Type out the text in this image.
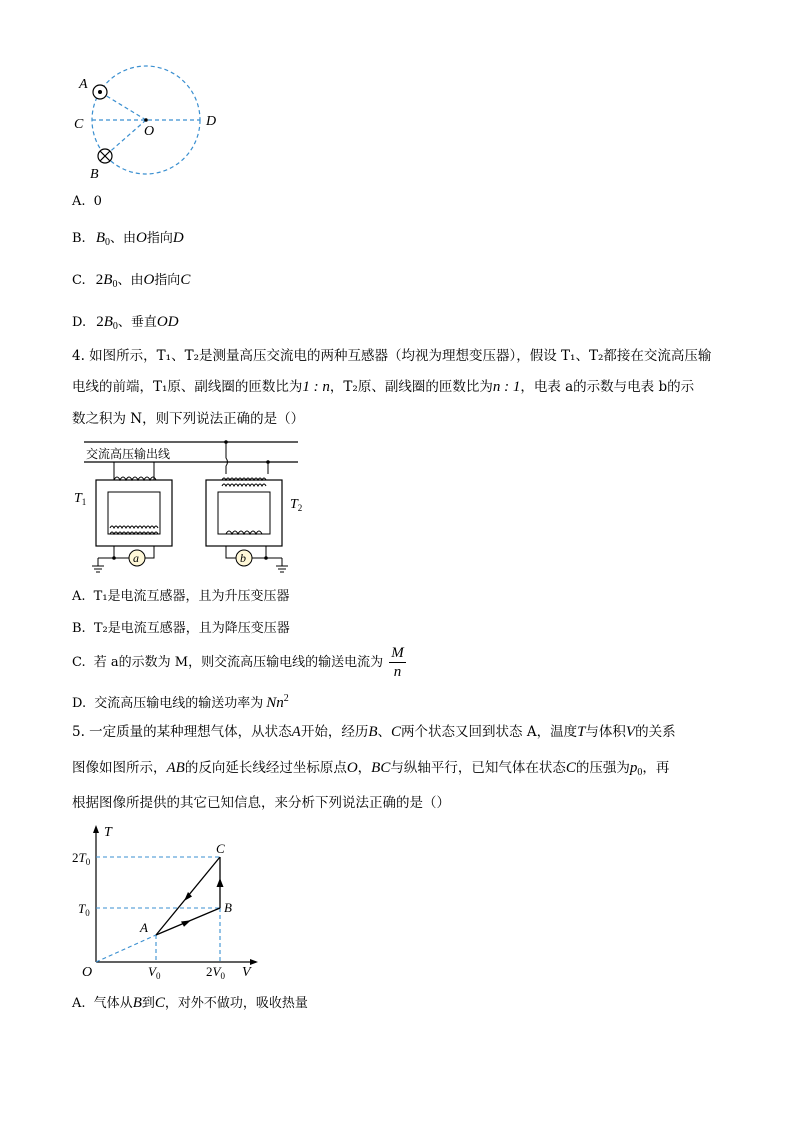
A
C	O
D
B
A. 0
B. $B_0$、由O指向D
C. $2B_0$、由O指向C
D. $2B_0$、垂直OD
4. 如图所示，T₁、T₂是测量高压交流电的两种互感器（均视为理想变压器），假设 T₁、T₂都接在交流高压输
电线的前端，T₁原、副线圈的匝数比为1 : n，T₂原、副线圈的匝数比为n : 1，电表 a的示数与电表 b的示
数之积为 N，则下列说法正确的是（）
交流高压输出线
a
$T_1$
b
$T_2$
A. T₁是电流互感器，且为升压变压器
B. T₂是电流互感器，且为降压变压器
C. 若 a的示数为 M，则交流高压输电线的输送电流为 $\frac{M}{n}$
D. 交流高压输电线的输送功率为 Nn$^2$
5. 一定质量的某种理想气体，从状态A开始，经历B、C两个状态又回到状态 A，温度T与体积V的关系
图像如图所示，AB的反向延长线经过坐标原点O，BC与纵轴平行，已知气体在状态C的压强为$p_0$，再
根据图像所提供的其它已知信息，来分析下列说法正确的是（）
T
V
O
$2T_0$
$T_0$
$V_0$	$2V_0$
A
B
C
A. 气体从B到C，对外不做功，吸收热量
